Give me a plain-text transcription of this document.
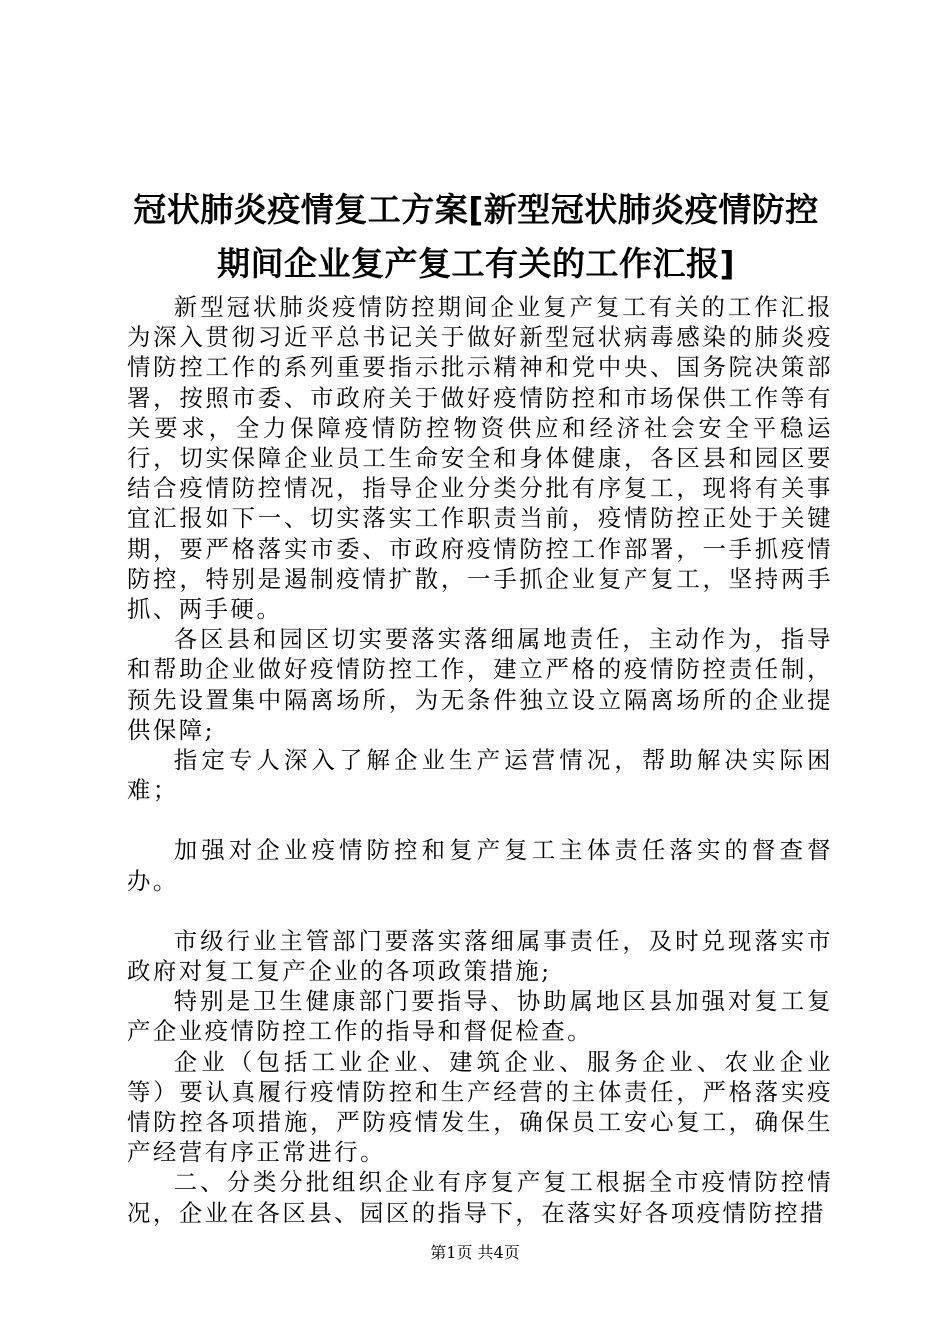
冠状肺炎疫情复工方案[新型冠状肺炎疫情防控期间企业复产复工有关的工作汇报]

新型冠状肺炎疫情防控期间企业复产复工有关的工作汇报为深入贯彻习近平总书记关于做好新型冠状病毒感染的肺炎疫情防控工作的系列重要指示批示精神和党中央、国务院决策部署，按照市委、市政府关于做好疫情防控和市场保供工作等有关要求，全力保障疫情防控物资供应和经济社会安全平稳运行，切实保障企业员工生命安全和身体健康，各区县和园区要结合疫情防控情况，指导企业分类分批有序复工，现将有关事宜汇报如下一、切实落实工作职责当前，疫情防控正处于关键期，要严格落实市委、市政府疫情防控工作部署，一手抓疫情防控，特别是遏制疫情扩散，一手抓企业复产复工，坚持两手抓、两手硬。

各区县和园区切实要落实落细属地责任，主动作为，指导和帮助企业做好疫情防控工作，建立严格的疫情防控责任制，预先设置集中隔离场所，为无条件独立设立隔离场所的企业提供保障;

指定专人深入了解企业生产运营情况，帮助解决实际困难；

加强对企业疫情防控和复产复工主体责任落实的督查督办。

市级行业主管部门要落实落细属事责任，及时兑现落实市政府对复工复产企业的各项政策措施;

特别是卫生健康部门要指导、协助属地区县加强对复工复产企业疫情防控工作的指导和督促检查。

企业（包括工业企业、建筑企业、服务企业、农业企业等）要认真履行疫情防控和生产经营的主体责任，严格落实疫情防控各项措施，严防疫情发生，确保员工安心复工，确保生产经营有序正常进行。

二、分类分批组织企业有序复产复工根据全市疫情防控情况，企业在各区县、园区的指导下，在落实好各项疫情防控措

第1页 共4页
